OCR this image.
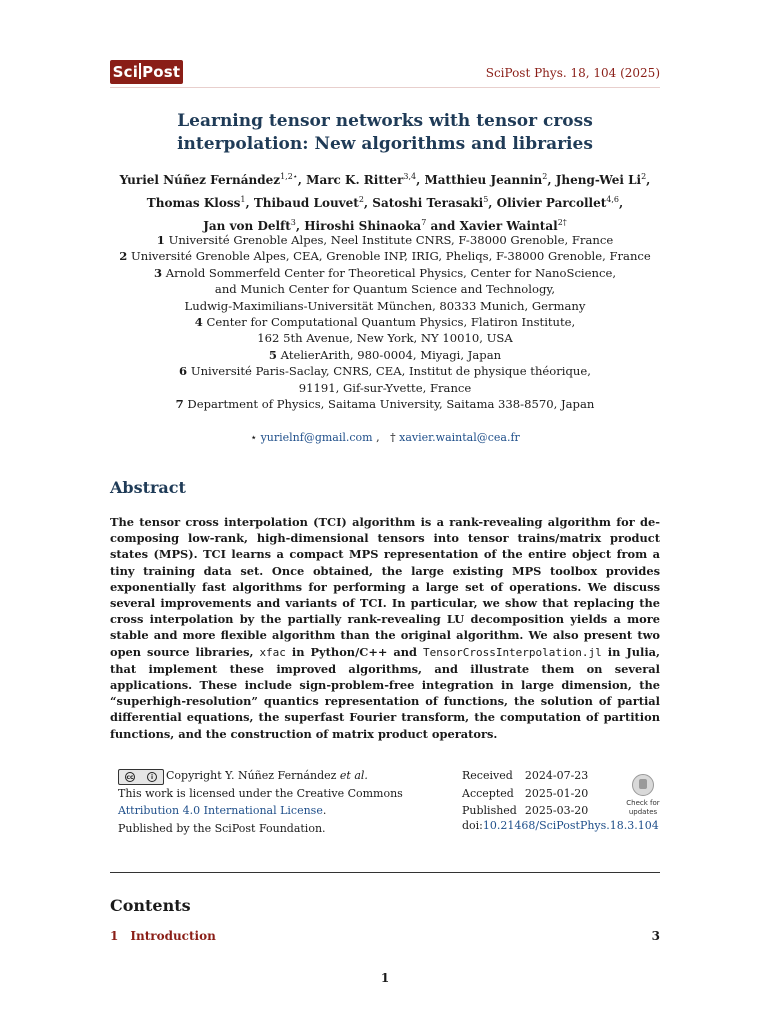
Sci Post	SciPost Phys. 18, 104 (2025)
Learning tensor networks with tensor cross
interpolation: New algorithms and libraries
Yuriel Núñez Fernández$^{1,2⋆}$, Marc K. Ritter$^{3,4}$, Matthieu Jeannin$^2$, Jheng-Wei Li$^2$,
Thomas Kloss$^1$, Thibaud Louvet$^2$, Satoshi Terasaki$^5$, Olivier Parcollet$^{4,6}$,
Jan von Delft$^3$, Hiroshi Shinaoka$^7$ and Xavier Waintal$^{2\dagger}$
1 Université Grenoble Alpes, Neel Institute CNRS, F-38000 Grenoble, France
2 Université Grenoble Alpes, CEA, Grenoble INP, IRIG, Pheliqs, F-38000 Grenoble, France
3 Arnold Sommerfeld Center for Theoretical Physics, Center for NanoScience,
and Munich Center for Quantum Science and Technology,
Ludwig-Maximilians-Universität München, 80333 Munich, Germany
4 Center for Computational Quantum Physics, Flatiron Institute,
162 5th Avenue, New York, NY 10010, USA
5 AtelierArith, 980-0004, Miyagi, Japan
6 Université Paris-Saclay, CNRS, CEA, Institut de physique théorique,
91191, Gif-sur-Yvette, France
7 Department of Physics, Saitama University, Saitama 338-8570, Japan
⋆ yurielnf@gmail.com , † xavier.waintal@cea.fr
Abstract
The tensor cross interpolation (TCI) algorithm is a rank-revealing algorithm for decomposing low-rank, high-dimensional tensors into tensor trains/matrix product states (MPS). TCI learns a compact MPS representation of the entire object from a tiny training data set. Once obtained, the large existing MPS toolbox provides exponentially fast algorithms for performing a large set of operations. We discuss several improvements and variants of TCI. In particular, we show that replacing the cross interpolation by the partially rank-revealing LU decomposition yields a more stable and more flexible algorithm than the original algorithm. We also present two open source libraries, xfac in Python/C++ and TensorCrossInterpolation.jl in Julia, that implement these improved algorithms, and illustrate them on several applications. These include sign-problem-free integration in large dimension, the “superhigh-resolution” quantics representation of functions, the solution of partial differential equations, the superfast Fourier transform, the computation of partition functions, and the construction of matrix product operators.
cc	i	Copyright Y. Núñez Fernández et al.
This work is licensed under the Creative Commons
Attribution 4.0 International License.
Published by the SciPost Foundation.
Received	2024-07-23
Accepted	2025-01-20
Published	2025-03-20
doi:10.21468/SciPostPhys.18.3.104
Check for
updates
Contents
1 Introduction	3
1
